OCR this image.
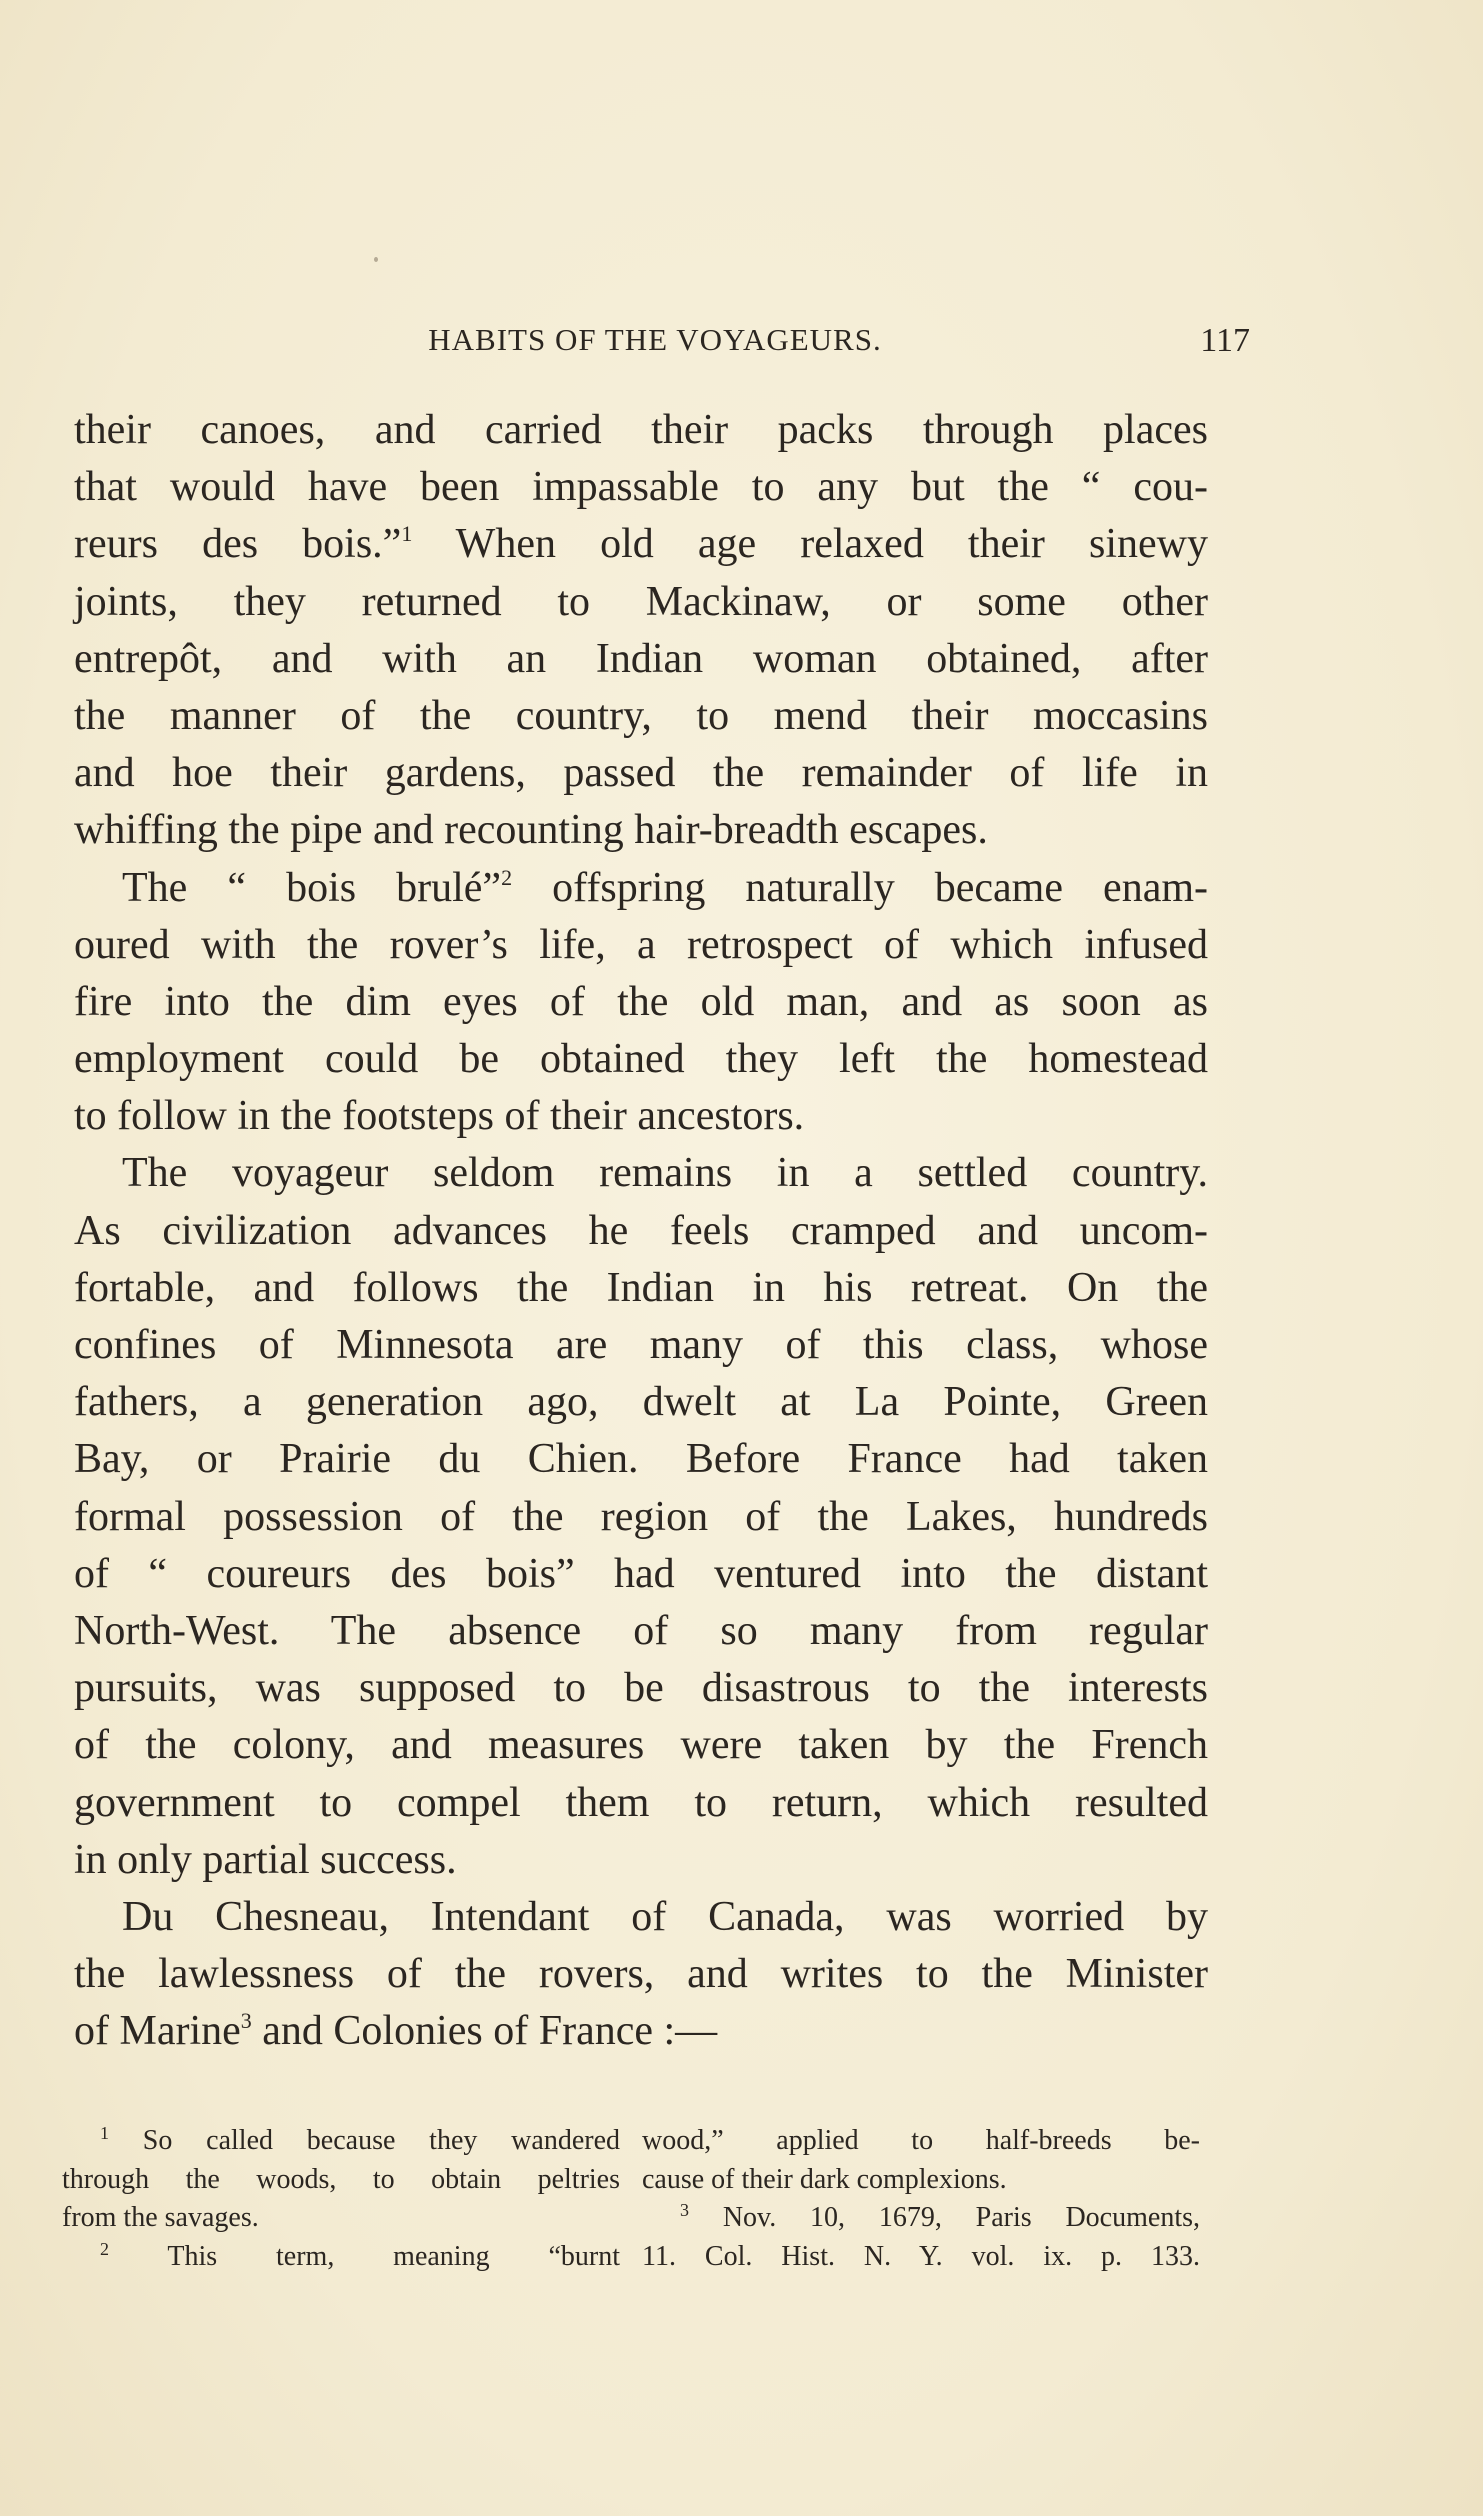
HABITS OF THE VOYAGEURS.	117
their canoes, and carried their packs through places
that would have been impassable to any but the “ cou-
reurs des bois.”$^1$ When old age relaxed their sinewy
joints, they returned to Mackinaw, or some other
entrepôt, and with an Indian woman obtained, after
the manner of the country, to mend their moccasins
and hoe their gardens, passed the remainder of life in
whiffing the pipe and recounting hair-breadth escapes.
The “ bois brulé”$^2$ offspring naturally became enam-
oured with the rover’s life, a retrospect of which infused
fire into the dim eyes of the old man, and as soon as
employment could be obtained they left the homestead
to follow in the footsteps of their ancestors.
The voyageur seldom remains in a settled country.
As civilization advances he feels cramped and uncom-
fortable, and follows the Indian in his retreat. On the
confines of Minnesota are many of this class, whose
fathers, a generation ago, dwelt at La Pointe, Green
Bay, or Prairie du Chien. Before France had taken
formal possession of the region of the Lakes, hundreds
of “ coureurs des bois” had ventured into the distant
North-West. The absence of so many from regular
pursuits, was supposed to be disastrous to the interests
of the colony, and measures were taken by the French
government to compel them to return, which resulted
in only partial success.
Du Chesneau, Intendant of Canada, was worried by
the lawlessness of the rovers, and writes to the Minister
of Marine$^3$ and Colonies of France :—
$^1$ So called because they wandered
through the woods, to obtain peltries
from the savages.
$^2$ This term, meaning “burnt
wood,” applied to half-breeds be-
cause of their dark complexions.
$^3$ Nov. 10, 1679, Paris Documents,
11. Col. Hist. N. Y. vol. ix. p. 133.
